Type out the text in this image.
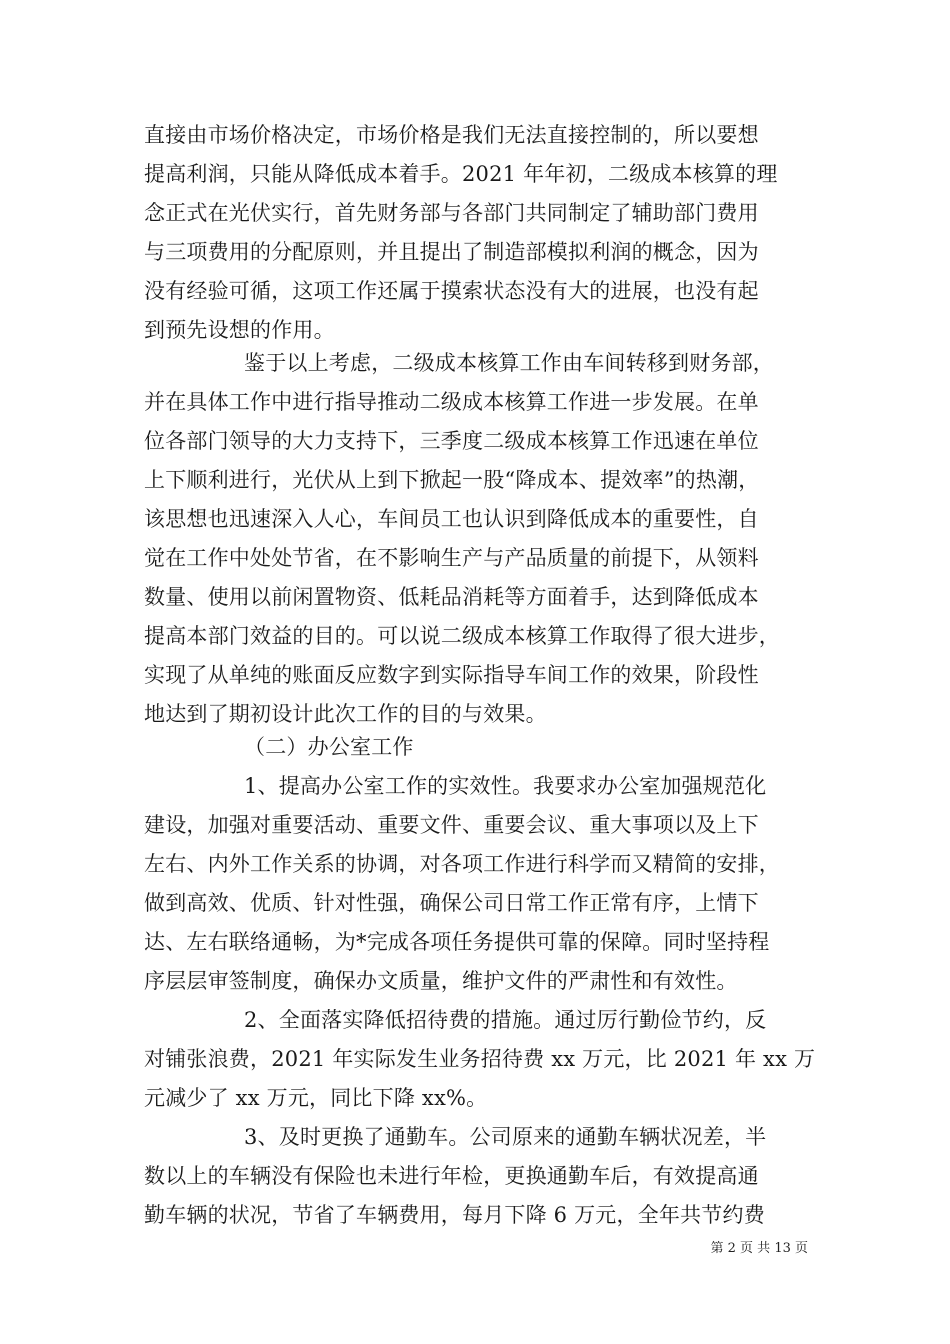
直接由市场价格决定，市场价格是我们无法直接控制的，所以要想
提高利润，只能从降低成本着手。2021 年年初，二级成本核算的理
念正式在光伏实行，首先财务部与各部门共同制定了辅助部门费用
与三项费用的分配原则，并且提出了制造部模拟利润的概念，因为
没有经验可循，这项工作还属于摸索状态没有大的进展，也没有起
到预先设想的作用。
鉴于以上考虑，二级成本核算工作由车间转移到财务部，
并在具体工作中进行指导推动二级成本核算工作进一步发展。在单
位各部门领导的大力支持下，三季度二级成本核算工作迅速在单位
上下顺利进行，光伏从上到下掀起一股“降成本、提效率”的热潮，
该思想也迅速深入人心，车间员工也认识到降低成本的重要性，自
觉在工作中处处节省，在不影响生产与产品质量的前提下，从领料
数量、使用以前闲置物资、低耗品消耗等方面着手，达到降低成本
提高本部门效益的目的。可以说二级成本核算工作取得了很大进步，
实现了从单纯的账面反应数字到实际指导车间工作的效果，阶段性
地达到了期初设计此次工作的目的与效果。
（二）办公室工作
1、提高办公室工作的实效性。我要求办公室加强规范化
建设，加强对重要活动、重要文件、重要会议、重大事项以及上下
左右、内外工作关系的协调，对各项工作进行科学而又精简的安排，
做到高效、优质、针对性强，确保公司日常工作正常有序，上情下
达、左右联络通畅，为*完成各项任务提供可靠的保障。同时坚持程
序层层审签制度，确保办文质量，维护文件的严肃性和有效性。
2、全面落实降低招待费的措施。通过厉行勤俭节约，反
对铺张浪费，2021 年实际发生业务招待费 xx 万元，比 2021 年 xx 万
元减少了 xx 万元，同比下降 xx%。
3、及时更换了通勤车。公司原来的通勤车辆状况差，半
数以上的车辆没有保险也未进行年检，更换通勤车后，有效提高通
勤车辆的状况，节省了车辆费用，每月下降 6 万元，全年共节约费
第 2 页 共 13 页
